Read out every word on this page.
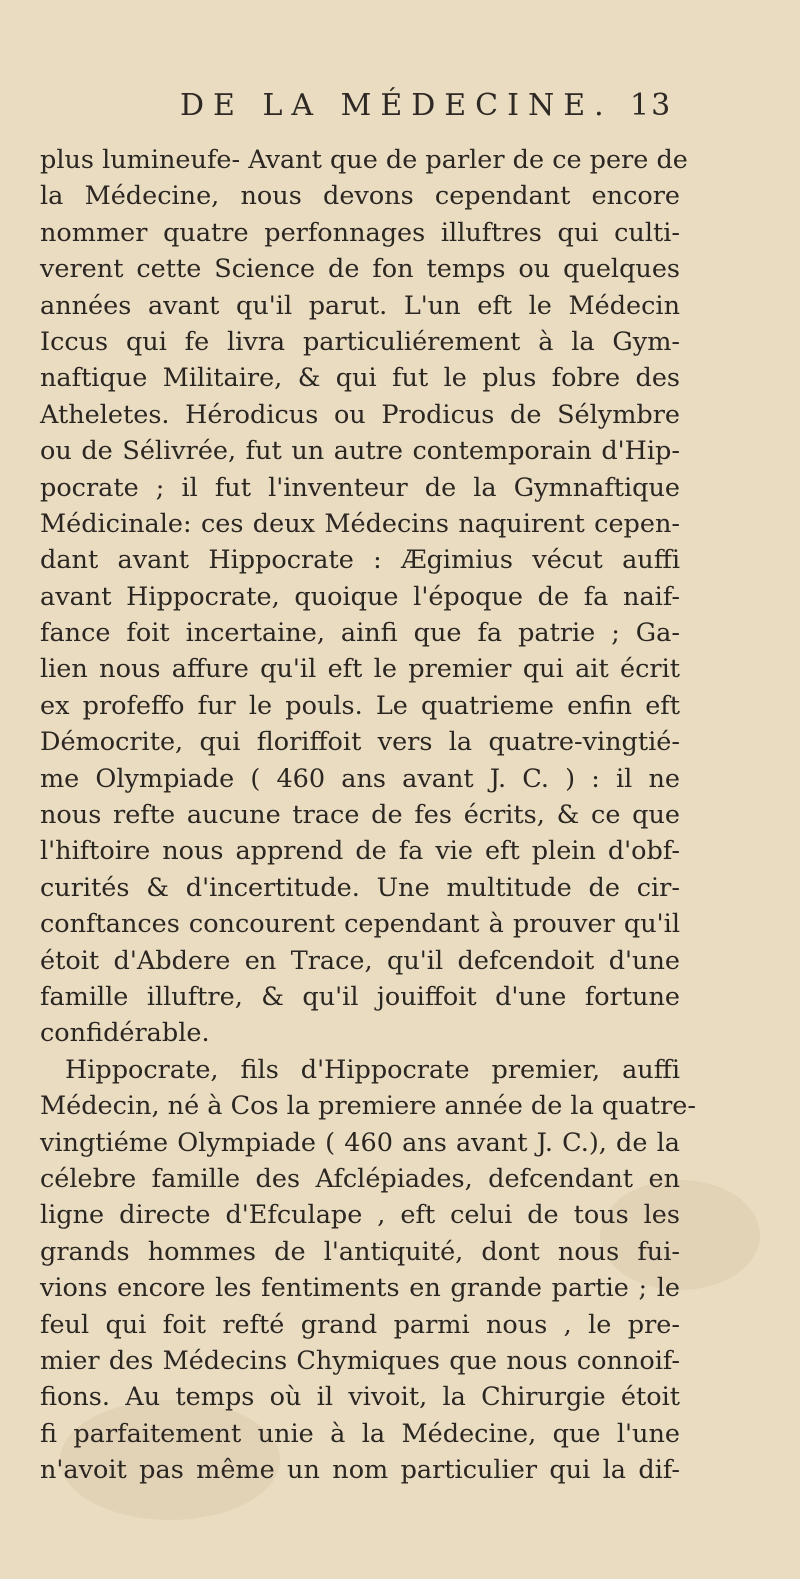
DE LA MÉDECINE. 13
plus lumineufe- Avant que de parler de ce pere de
la Médecine, nous devons cependant encore
nommer quatre perfonnages illuftres qui culti-
verent cette Science de fon temps ou quelques
années avant qu'il parut. L'un eft le Médecin
Iccus qui fe livra particuliérement à la Gym-
naftique Militaire, & qui fut le plus fobre des
Atheletes. Hérodicus ou Prodicus de Sélymbre
ou de Sélivrée, fut un autre contemporain d'Hip-
pocrate ; il fut l'inventeur de la Gymnaftique
Médicinale: ces deux Médecins naquirent cepen-
dant avant Hippocrate : Ægimius vécut auffi
avant Hippocrate, quoique l'époque de fa naif-
fance foit incertaine, ainfi que fa patrie ; Ga-
lien nous affure qu'il eft le premier qui ait écrit
ex profeffo fur le pouls. Le quatrieme enfin eft
Démocrite, qui floriffoit vers la quatre-vingtié-
me Olympiade ( 460 ans avant J. C. ) : il ne
nous refte aucune trace de fes écrits, & ce que
l'hiftoire nous apprend de fa vie eft plein d'obf-
curités & d'incertitude. Une multitude de cir-
conftances concourent cependant à prouver qu'il
étoit d'Abdere en Trace, qu'il defcendoit d'une
famille illuftre, & qu'il jouiffoit d'une fortune
confidérable.
Hippocrate, fils d'Hippocrate premier, auffi
Médecin, né à Cos la premiere année de la quatre-
vingtiéme Olympiade ( 460 ans avant J. C.), de la
célebre famille des Afclépiades, defcendant en
ligne directe d'Efculape , eft celui de tous les
grands hommes de l'antiquité, dont nous fui-
vions encore les fentiments en grande partie ; le
feul qui foit refté grand parmi nous , le pre-
mier des Médecins Chymiques que nous connoif-
fions. Au temps où il vivoit, la Chirurgie étoit
fi parfaitement unie à la Médecine, que l'une
n'avoit pas même un nom particulier qui la dif-
